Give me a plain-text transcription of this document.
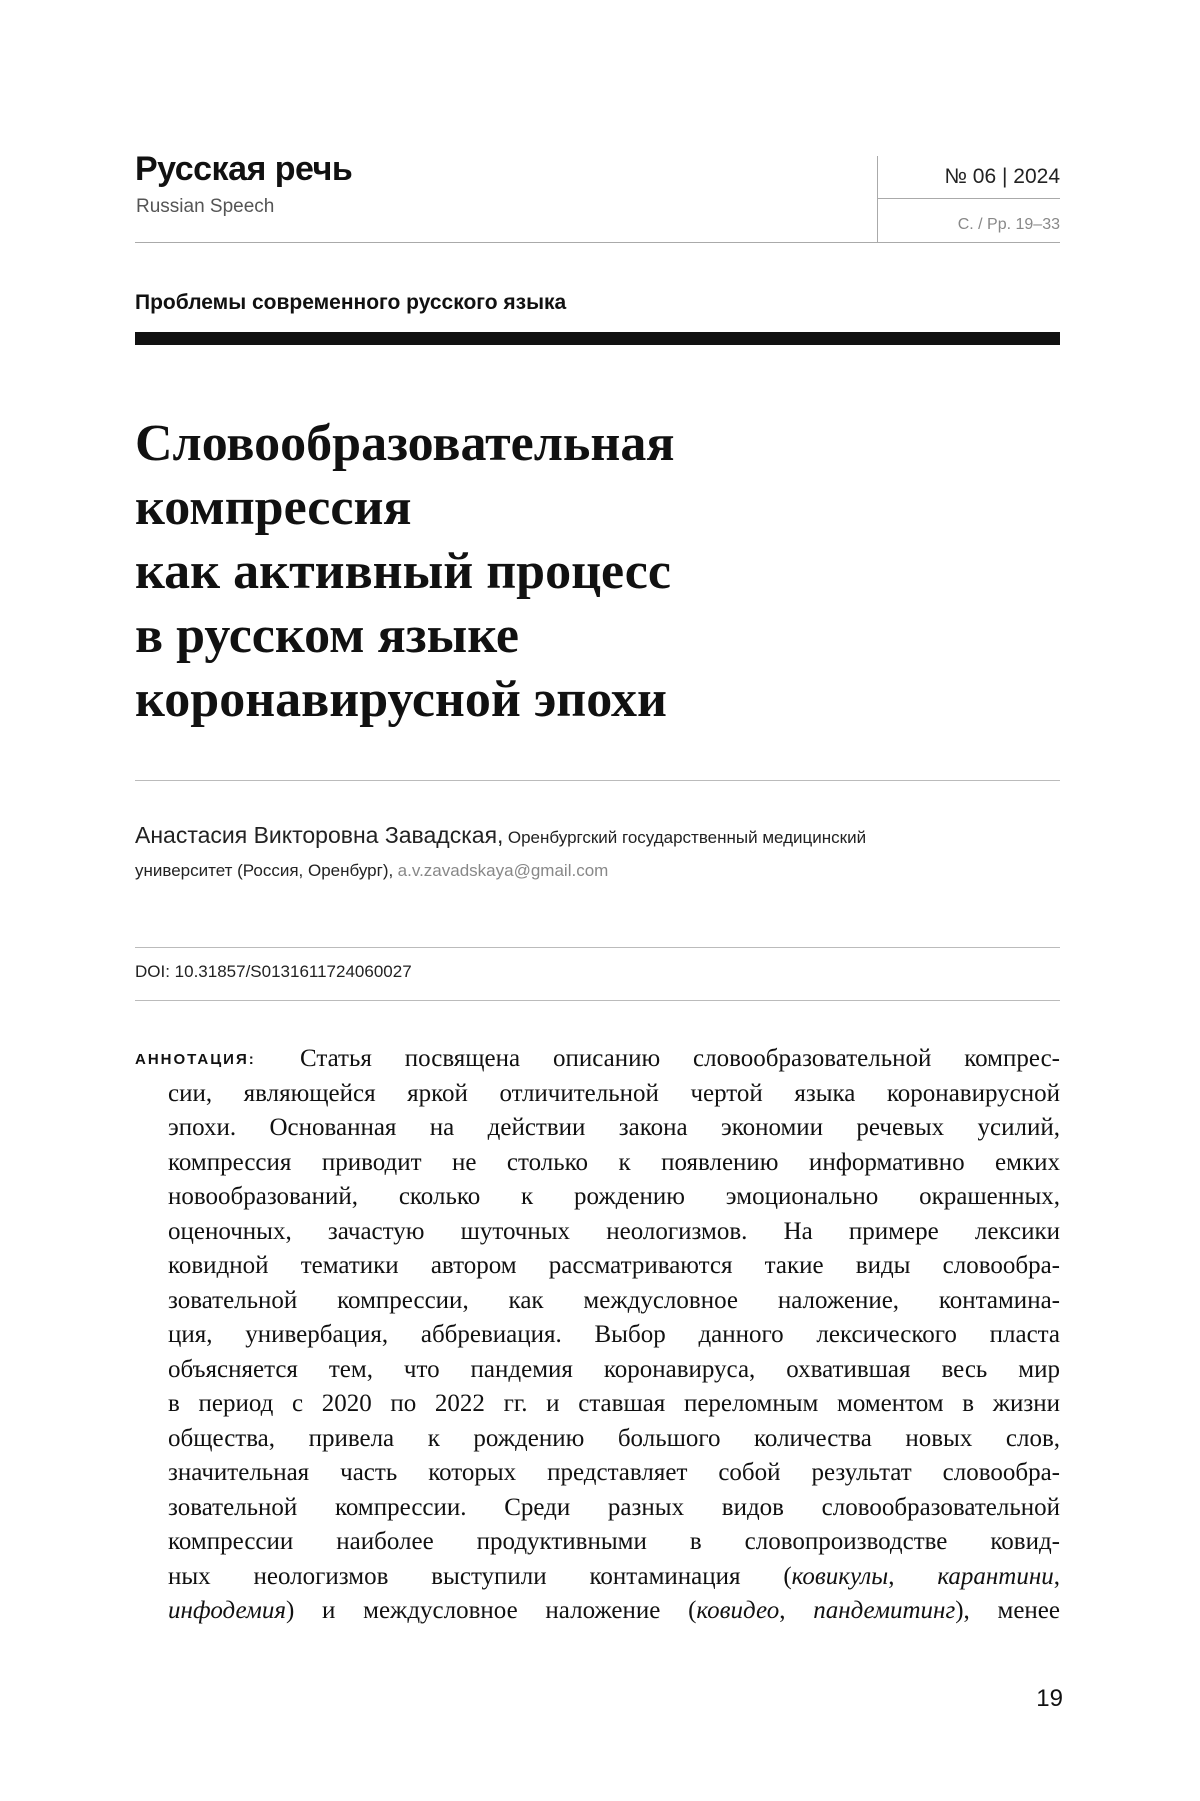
Русская речь
Russian Speech
№ 06 | 2024
С. / Pp. 19–33
Проблемы современного русского языка
Словообразовательная
компрессия
как активный процесс
в русском языке
коронавирусной эпохи
Анастасия Викторовна Завадская, Оренбургский государственный медицинский
университет (Россия, Оренбург), a.v.zavadskaya@gmail.com
DOI: 10.31857/S0131611724060027
АННОТАЦИЯ: Статья посвящена описанию словообразовательной компрес-
сии, являющейся яркой отличительной чертой языка коронавирусной
эпохи. Основанная на действии закона экономии речевых усилий,
компрессия приводит не столько к появлению информативно емких
новообразований, сколько к рождению эмоционально окрашенных,
оценочных, зачастую шуточных неологизмов. На примере лексики
ковидной тематики автором рассматриваются такие виды словообра-
зовательной компрессии, как междусловное наложение, контамина-
ция, универбация, аббревиация. Выбор данного лексического пласта
объясняется тем, что пандемия коронавируса, охватившая весь мир
в период с 2020 по 2022 гг. и ставшая переломным моментом в жизни
общества, привела к рождению большого количества новых слов,
значительная часть которых представляет собой результат словообра-
зовательной компрессии. Среди разных видов словообразовательной
компрессии наиболее продуктивными в словопроизводстве ковид-
ных неологизмов выступили контаминация (ковикулы, карантини,
инфодемия) и междусловное наложение (ковидео, пандемитинг), менее
19
